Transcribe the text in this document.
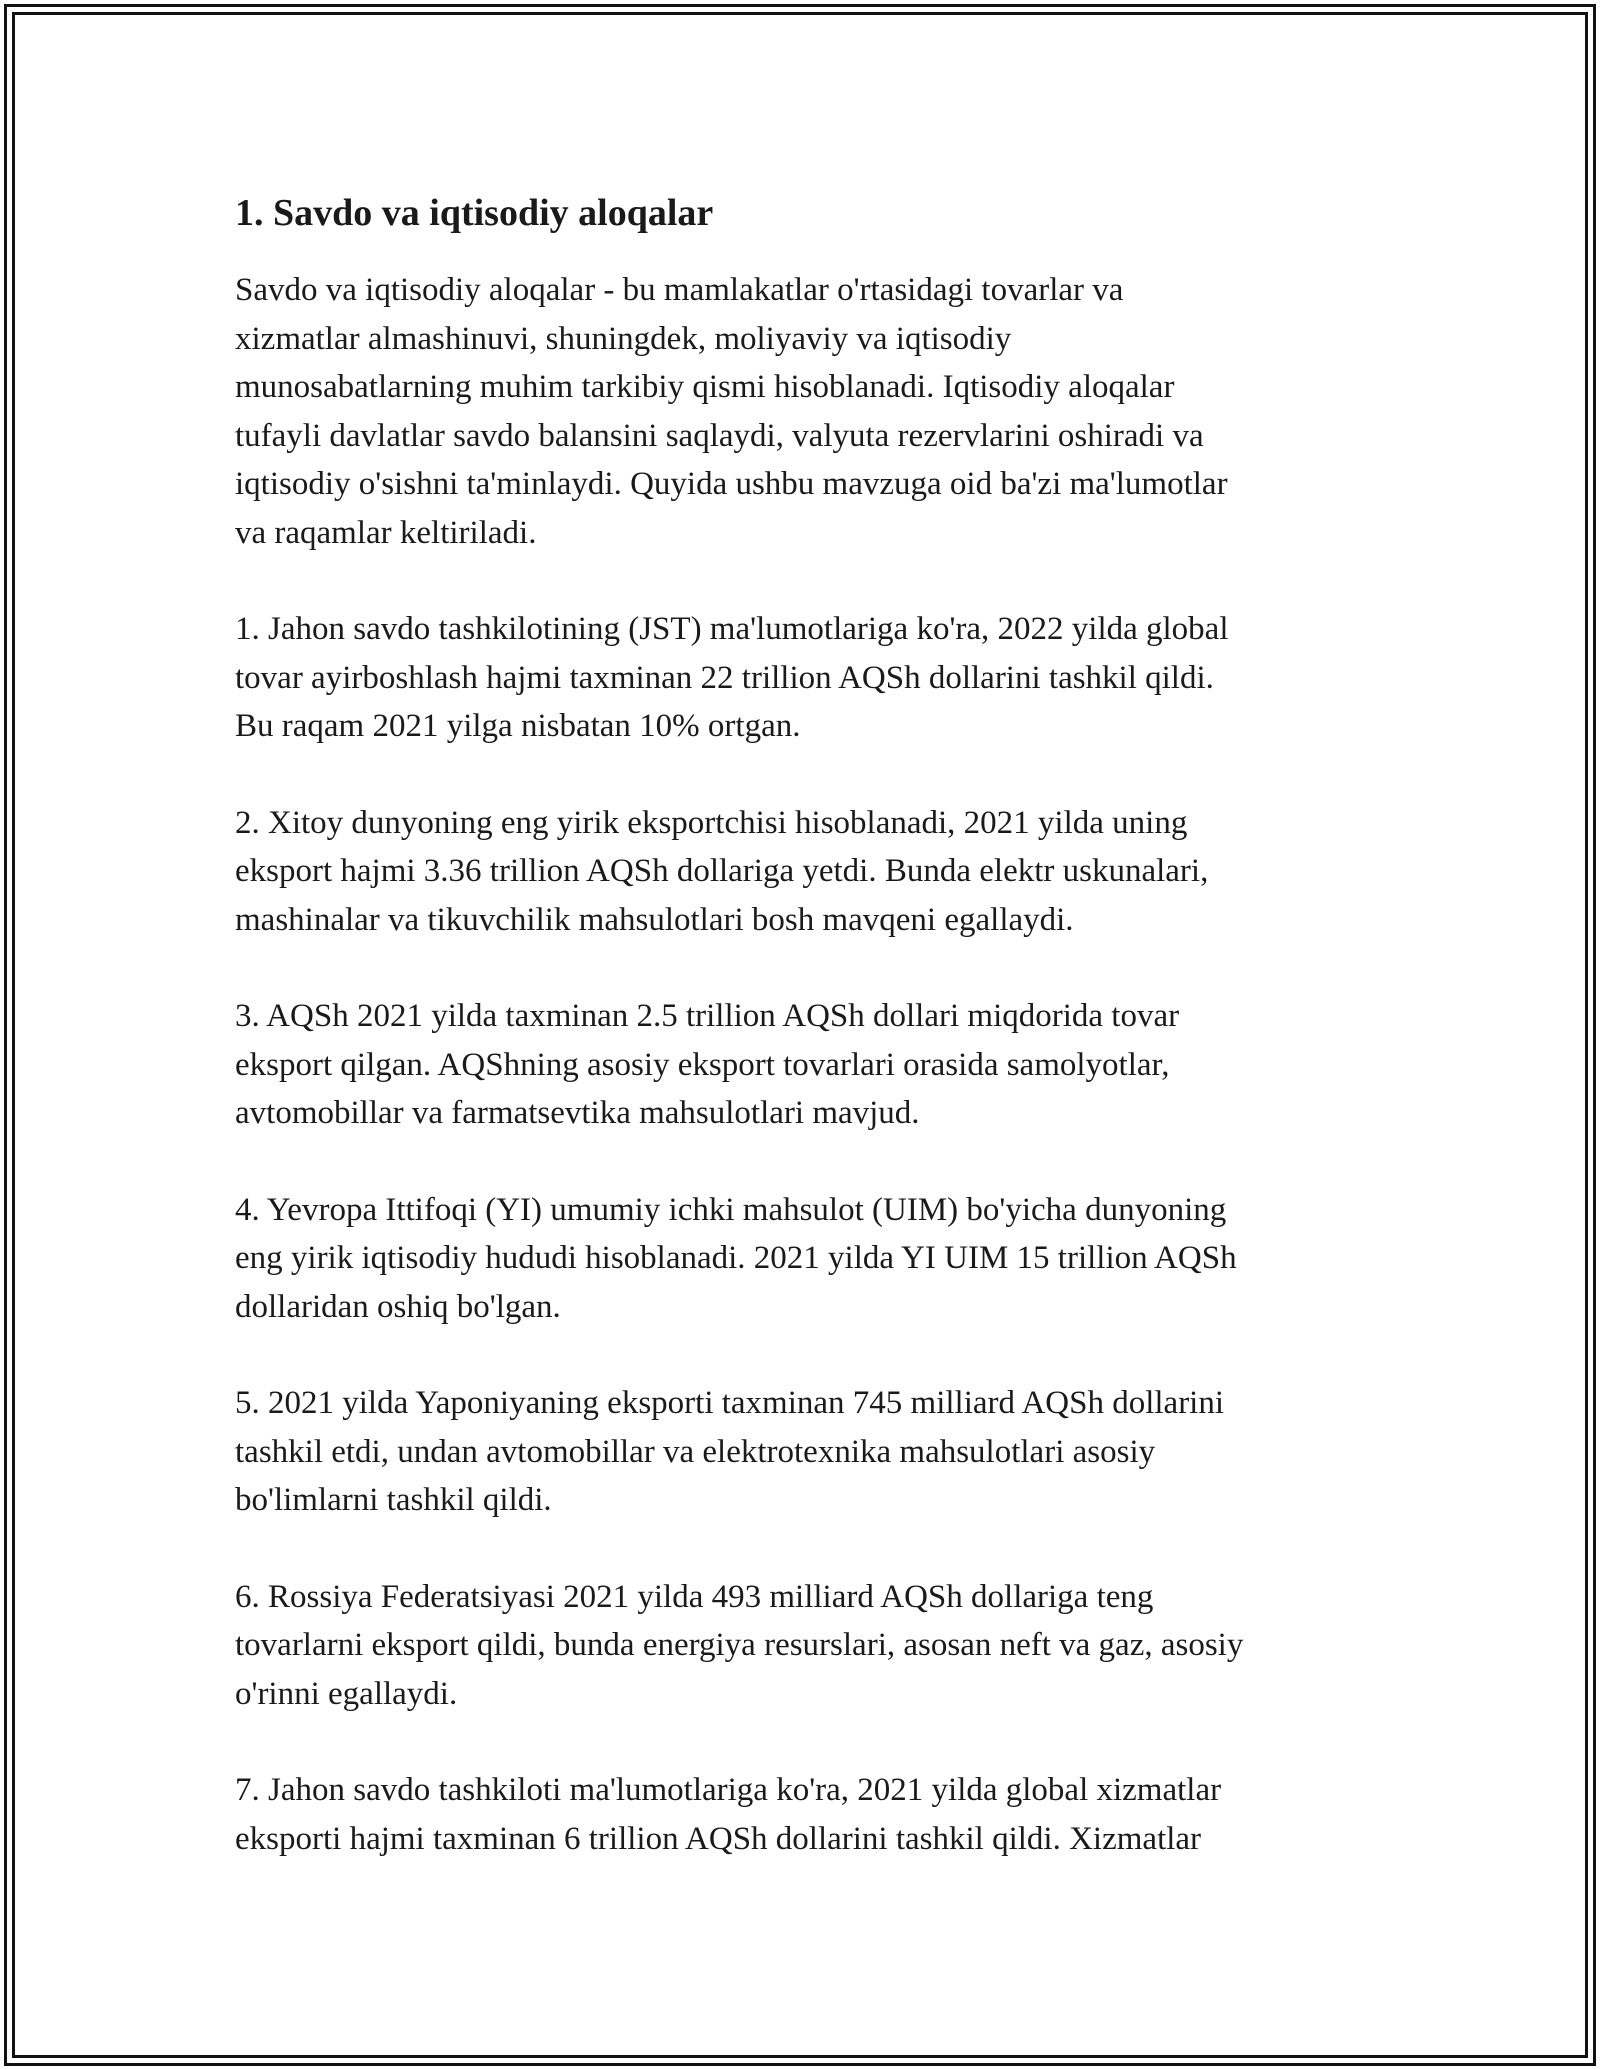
1. Savdo va iqtisodiy aloqalar

Savdo va iqtisodiy aloqalar - bu mamlakatlar o'rtasidagi tovarlar va
xizmatlar almashinuvi, shuningdek, moliyaviy va iqtisodiy
munosabatlarning muhim tarkibiy qismi hisoblanadi. Iqtisodiy aloqalar
tufayli davlatlar savdo balansini saqlaydi, valyuta rezervlarini oshiradi va
iqtisodiy o'sishni ta'minlaydi. Quyida ushbu mavzuga oid ba'zi ma'lumotlar
va raqamlar keltiriladi.

1. Jahon savdo tashkilotining (JST) ma'lumotlariga ko'ra, 2022 yilda global
tovar ayirboshlash hajmi taxminan 22 trillion AQSh dollarini tashkil qildi.
Bu raqam 2021 yilga nisbatan 10% ortgan.

2. Xitoy dunyoning eng yirik eksportchisi hisoblanadi, 2021 yilda uning
eksport hajmi 3.36 trillion AQSh dollariga yetdi. Bunda elektr uskunalari,
mashinalar va tikuvchilik mahsulotlari bosh mavqeni egallaydi.

3. AQSh 2021 yilda taxminan 2.5 trillion AQSh dollari miqdorida tovar
eksport qilgan. AQShning asosiy eksport tovarlari orasida samolyotlar,
avtomobillar va farmatsevtika mahsulotlari mavjud.

4. Yevropa Ittifoqi (YI) umumiy ichki mahsulot (UIM) bo'yicha dunyoning
eng yirik iqtisodiy hududi hisoblanadi. 2021 yilda YI UIM 15 trillion AQSh
dollaridan oshiq bo'lgan.

5. 2021 yilda Yaponiyaning eksporti taxminan 745 milliard AQSh dollarini
tashkil etdi, undan avtomobillar va elektrotexnika mahsulotlari asosiy
bo'limlarni tashkil qildi.

6. Rossiya Federatsiyasi 2021 yilda 493 milliard AQSh dollariga teng
tovarlarni eksport qildi, bunda energiya resurslari, asosan neft va gaz, asosiy
o'rinni egallaydi.

7. Jahon savdo tashkiloti ma'lumotlariga ko'ra, 2021 yilda global xizmatlar
eksporti hajmi taxminan 6 trillion AQSh dollarini tashkil qildi. Xizmatlar
